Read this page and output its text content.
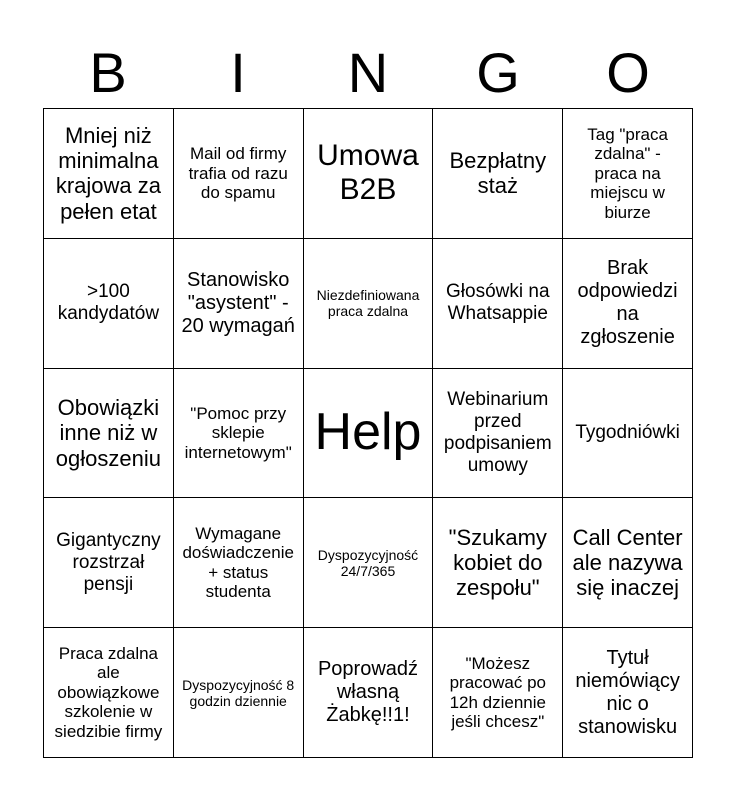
B	I	N	G	O
Mniej niż minimalna krajowa za pełen etat
Mail od firmy trafia od razu do spamu
Umowa B2B
Bezpłatny staż
Tag "praca zdalna" - praca na miejscu w biurze
>100 kandydatów
Stanowisko "asystent" - 20 wymagań
Niezdefiniowana praca zdalna
Głosówki na Whatsappie
Brak odpowiedzi na zgłoszenie
Obowiązki inne niż w ogłoszeniu
"Pomoc przy sklepie internetowym" Help
Webinarium przed podpisaniem umowy
Tygodniówki
Gigantyczny rozstrzał pensji
Wymagane doświadczenie + status studenta
Dyspozycyjność 24/7/365
"Szukamy kobiet do zespołu"
Call Center ale nazywa się inaczej
Praca zdalna ale obowiązkowe szkolenie w siedzibie firmy
Dyspozycyjność 8 godzin dziennie
Poprowadź własną Żabkę!!1!
"Możesz pracować po 12h dziennie jeśli chcesz"
Tytuł niemówiący nic o stanowisku
